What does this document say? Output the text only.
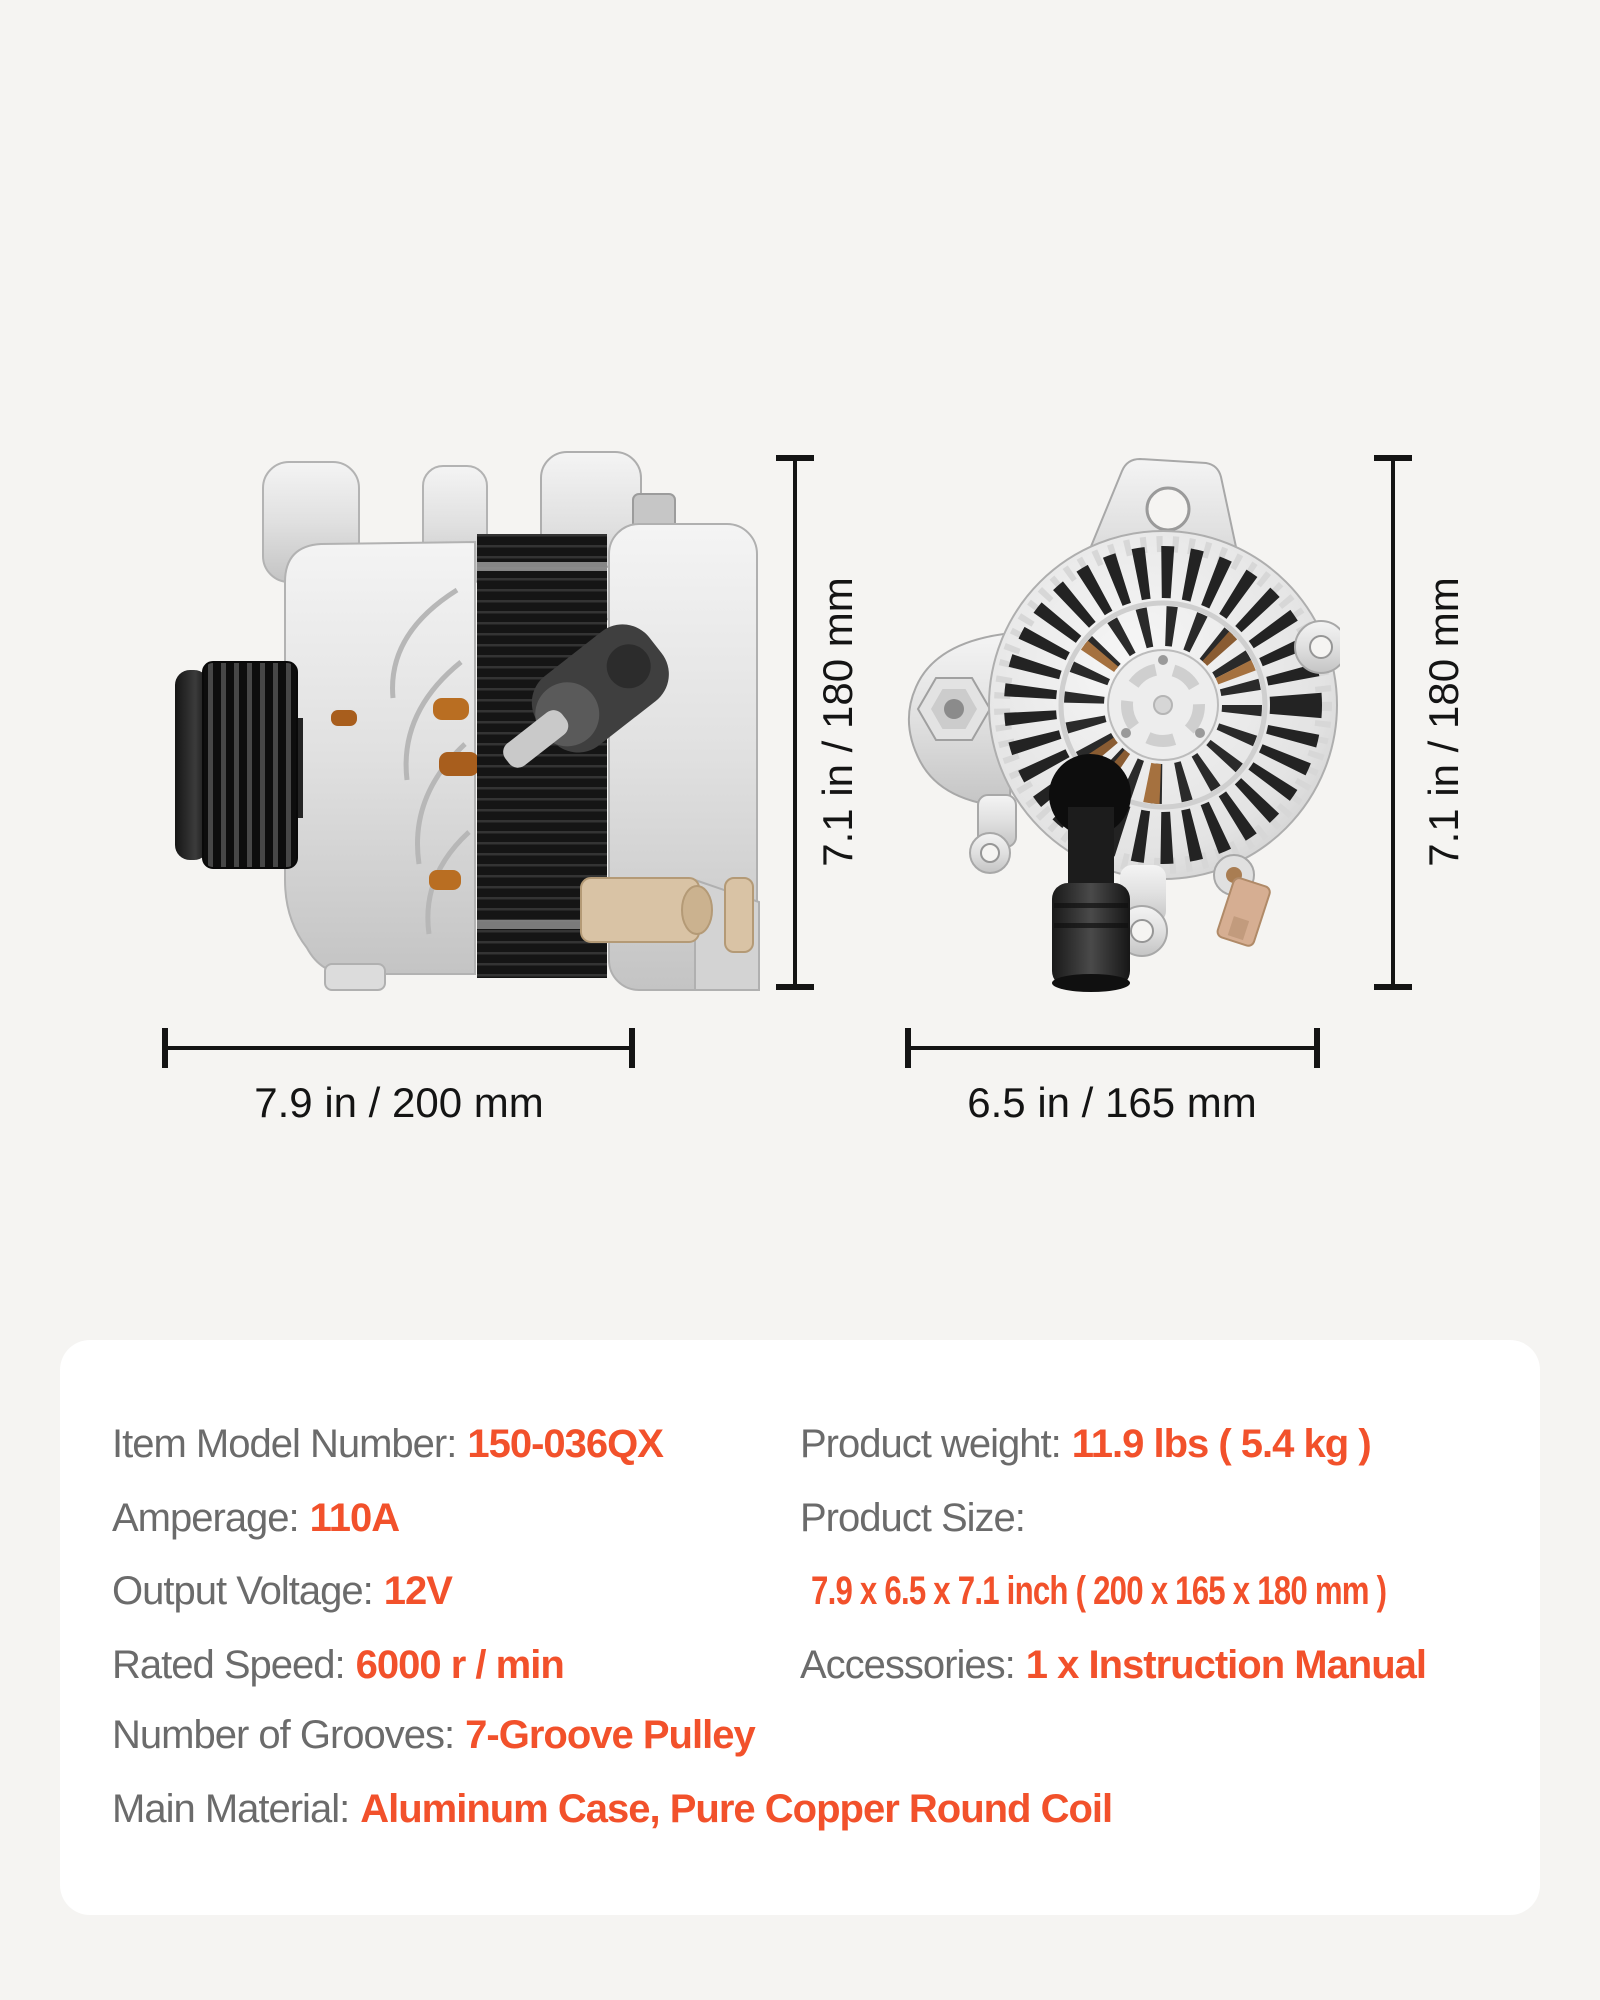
7.1 in / 180 mm	7.1 in / 180 mm
7.9 in / 200 mm	6.5 in / 165 mm
Item Model Number: 150-036QX
Amperage: 110A
Output Voltage: 12V
Rated Speed: 6000 r / min
Number of Grooves: 7-Groove Pulley
Main Material: Aluminum Case, Pure Copper Round Coil
Product weight: 11.9 lbs ( 5.4 kg )
Product Size:
7.9 x 6.5 x 7.1 inch ( 200 x 165 x 180 mm )
Accessories: 1 x Instruction Manual
